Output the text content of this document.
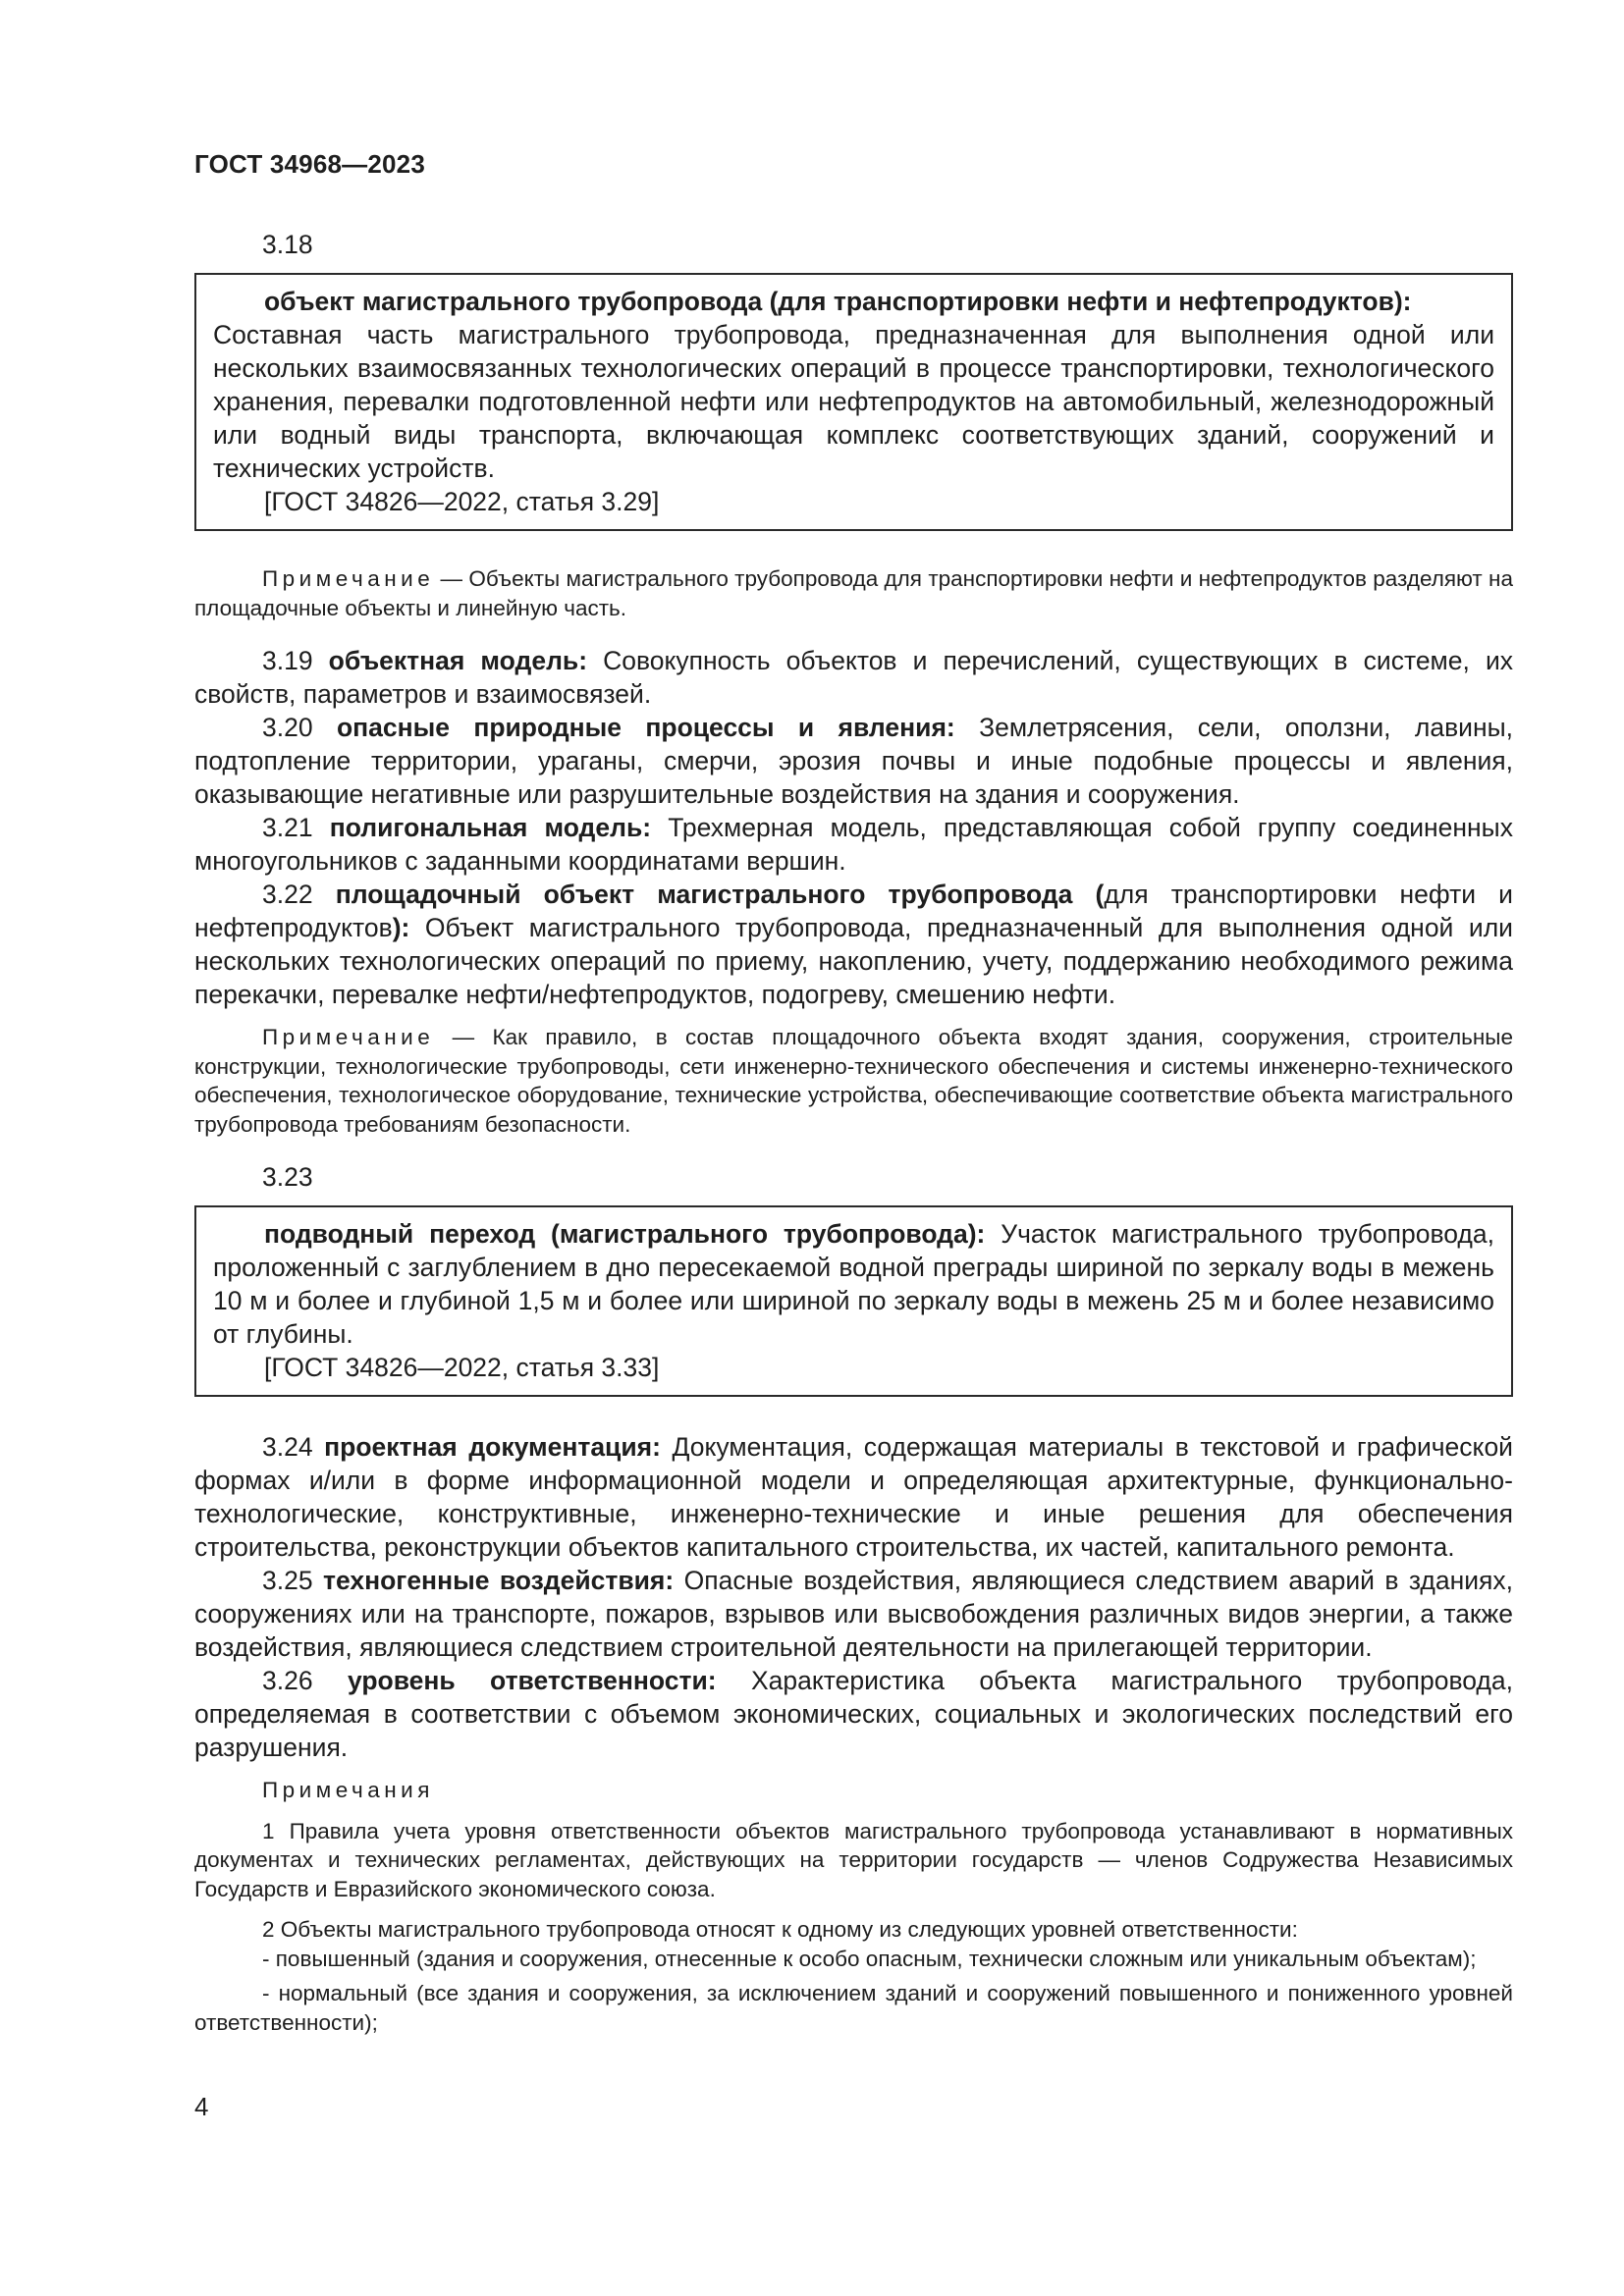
ГОСТ 34968—2023
3.18

объект магистрального трубопровода (для транспортировки нефти и нефтепродуктов):
Составная часть магистрального трубопровода, предназначенная для выполнения одной или нескольких взаимосвязанных технологических операций в процессе транспортировки, технологического хранения, перевалки подготовленной нефти или нефтепродуктов на автомобильный, железнодорожный или водный виды транспорта, включающая комплекс соответствующих зданий, сооружений и технических устройств.

[ГОСТ 34826—2022, статья 3.29]

Примечание — Объекты магистрального трубопровода для транспортировки нефти и нефтепродуктов разделяют на площадочные объекты и линейную часть.

3.19 объектная модель: Совокупность объектов и перечислений, существующих в системе, их свойств, параметров и взаимосвязей.

3.20 опасные природные процессы и явления: Землетрясения, сели, оползни, лавины, подтопление территории, ураганы, смерчи, эрозия почвы и иные подобные процессы и явления, оказывающие негативные или разрушительные воздействия на здания и сооружения.

3.21 полигональная модель: Трехмерная модель, представляющая собой группу соединенных многоугольников с заданными координатами вершин.

3.22 площадочный объект магистрального трубопровода (для транспортировки нефти и нефтепродуктов): Объект магистрального трубопровода, предназначенный для выполнения одной или нескольких технологических операций по приему, накоплению, учету, поддержанию необходимого режима перекачки, перевалке нефти/нефтепродуктов, подогреву, смешению нефти.

Примечание — Как правило, в состав площадочного объекта входят здания, сооружения, строительные конструкции, технологические трубопроводы, сети инженерно-технического обеспечения и системы инженерно-технического обеспечения, технологическое оборудование, технические устройства, обеспечивающие соответствие объекта магистрального трубопровода требованиям безопасности.

3.23

подводный переход (магистрального трубопровода): Участок магистрального трубопровода, проложенный с заглублением в дно пересекаемой водной преграды шириной по зеркалу воды в межень 10 м и более и глубиной 1,5 м и более или шириной по зеркалу воды в межень 25 м и более независимо от глубины.

[ГОСТ 34826—2022, статья 3.33]

3.24 проектная документация: Документация, содержащая материалы в текстовой и графической формах и/или в форме информационной модели и определяющая архитектурные, функционально-технологические, конструктивные, инженерно-технические и иные решения для обеспечения строительства, реконструкции объектов капитального строительства, их частей, капитального ремонта.

3.25 техногенные воздействия: Опасные воздействия, являющиеся следствием аварий в зданиях, сооружениях или на транспорте, пожаров, взрывов или высвобождения различных видов энергии, а также воздействия, являющиеся следствием строительной деятельности на прилегающей территории.

3.26 уровень ответственности: Характеристика объекта магистрального трубопровода, определяемая в соответствии с объемом экономических, социальных и экологических последствий его разрушения.

Примечания

1 Правила учета уровня ответственности объектов магистрального трубопровода устанавливают в нормативных документах и технических регламентах, действующих на территории государств — членов Содружества Независимых Государств и Евразийского экономического союза.

2 Объекты магистрального трубопровода относят к одному из следующих уровней ответственности:

- повышенный (здания и сооружения, отнесенные к особо опасным, технически сложным или уникальным объектам);

- нормальный (все здания и сооружения, за исключением зданий и сооружений повышенного и пониженного уровней ответственности);

4
